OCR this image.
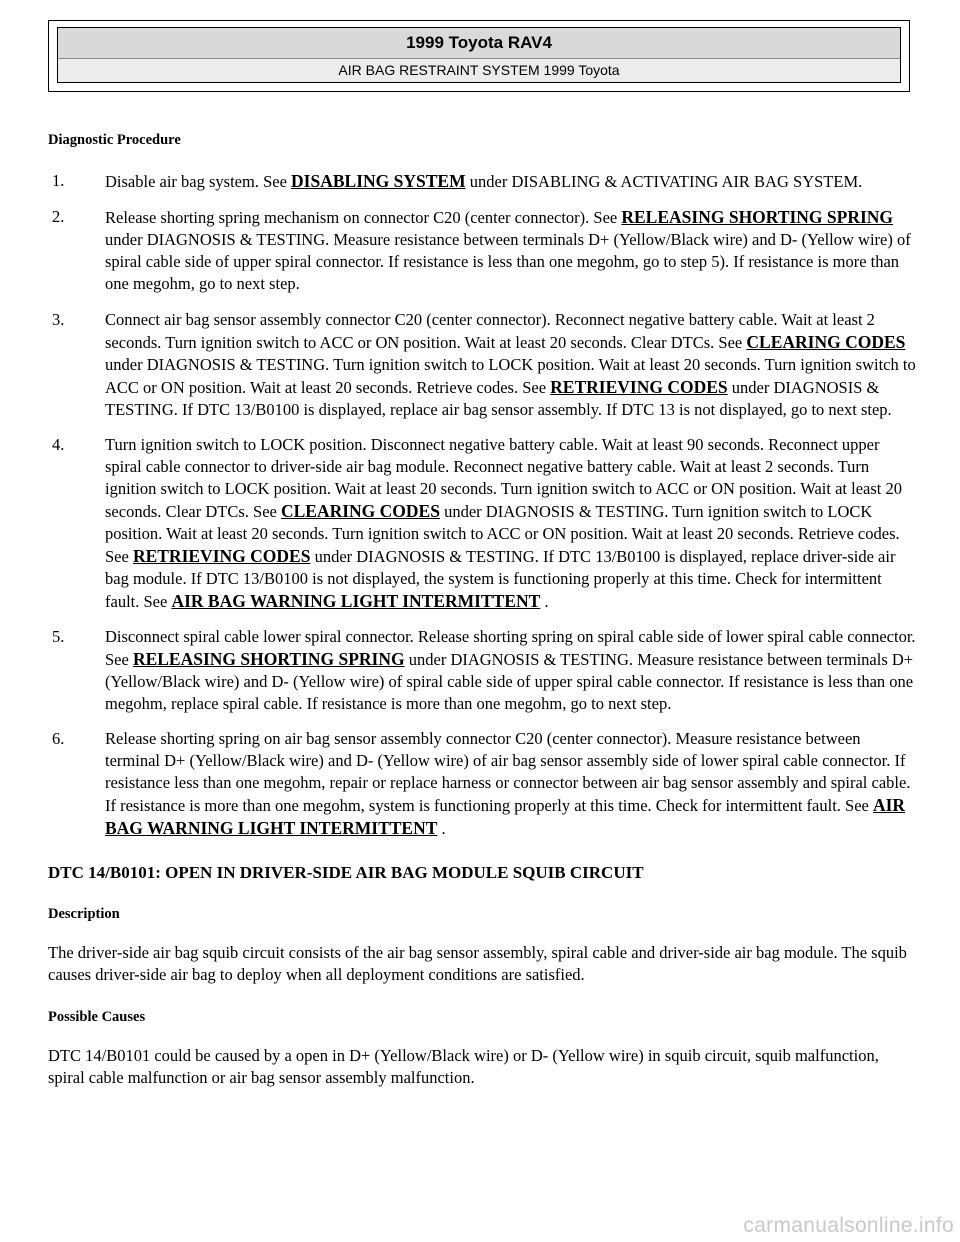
1999 Toyota RAV4
AIR BAG RESTRAINT SYSTEM 1999 Toyota
Diagnostic Procedure
1. Disable air bag system. See DISABLING SYSTEM under DISABLING & ACTIVATING AIR BAG SYSTEM.
2. Release shorting spring mechanism on connector C20 (center connector). See RELEASING SHORTING SPRING under DIAGNOSIS & TESTING. Measure resistance between terminals D+ (Yellow/Black wire) and D- (Yellow wire) of spiral cable side of upper spiral connector. If resistance is less than one megohm, go to step 5). If resistance is more than one megohm, go to next step.
3. Connect air bag sensor assembly connector C20 (center connector). Reconnect negative battery cable. Wait at least 2 seconds. Turn ignition switch to ACC or ON position. Wait at least 20 seconds. Clear DTCs. See CLEARING CODES under DIAGNOSIS & TESTING. Turn ignition switch to LOCK position. Wait at least 20 seconds. Turn ignition switch to ACC or ON position. Wait at least 20 seconds. Retrieve codes. See RETRIEVING CODES under DIAGNOSIS & TESTING. If DTC 13/B0100 is displayed, replace air bag sensor assembly. If DTC 13 is not displayed, go to next step.
4. Turn ignition switch to LOCK position. Disconnect negative battery cable. Wait at least 90 seconds. Reconnect upper spiral cable connector to driver-side air bag module. Reconnect negative battery cable. Wait at least 2 seconds. Turn ignition switch to LOCK position. Wait at least 20 seconds. Turn ignition switch to ACC or ON position. Wait at least 20 seconds. Clear DTCs. See CLEARING CODES under DIAGNOSIS & TESTING. Turn ignition switch to LOCK position. Wait at least 20 seconds. Turn ignition switch to ACC or ON position. Wait at least 20 seconds. Retrieve codes. See RETRIEVING CODES under DIAGNOSIS & TESTING. If DTC 13/B0100 is displayed, replace driver-side air bag module. If DTC 13/B0100 is not displayed, the system is functioning properly at this time. Check for intermittent fault. See AIR BAG WARNING LIGHT INTERMITTENT .
5. Disconnect spiral cable lower spiral connector. Release shorting spring on spiral cable side of lower spiral cable connector. See RELEASING SHORTING SPRING under DIAGNOSIS & TESTING. Measure resistance between terminals D+ (Yellow/Black wire) and D- (Yellow wire) of spiral cable side of upper spiral cable connector. If resistance is less than one megohm, replace spiral cable. If resistance is more than one megohm, go to next step.
6. Release shorting spring on air bag sensor assembly connector C20 (center connector). Measure resistance between terminal D+ (Yellow/Black wire) and D- (Yellow wire) of air bag sensor assembly side of lower spiral cable connector. If resistance less than one megohm, repair or replace harness or connector between air bag sensor assembly and spiral cable. If resistance is more than one megohm, system is functioning properly at this time. Check for intermittent fault. See AIR BAG WARNING LIGHT INTERMITTENT .
DTC 14/B0101: OPEN IN DRIVER-SIDE AIR BAG MODULE SQUIB CIRCUIT
Description

The driver-side air bag squib circuit consists of the air bag sensor assembly, spiral cable and driver-side air bag module. The squib causes driver-side air bag to deploy when all deployment conditions are satisfied.

Possible Causes

DTC 14/B0101 could be caused by a open in D+ (Yellow/Black wire) or D- (Yellow wire) in squib circuit, squib malfunction, spiral cable malfunction or air bag sensor assembly malfunction.

carmanualsonline.info
